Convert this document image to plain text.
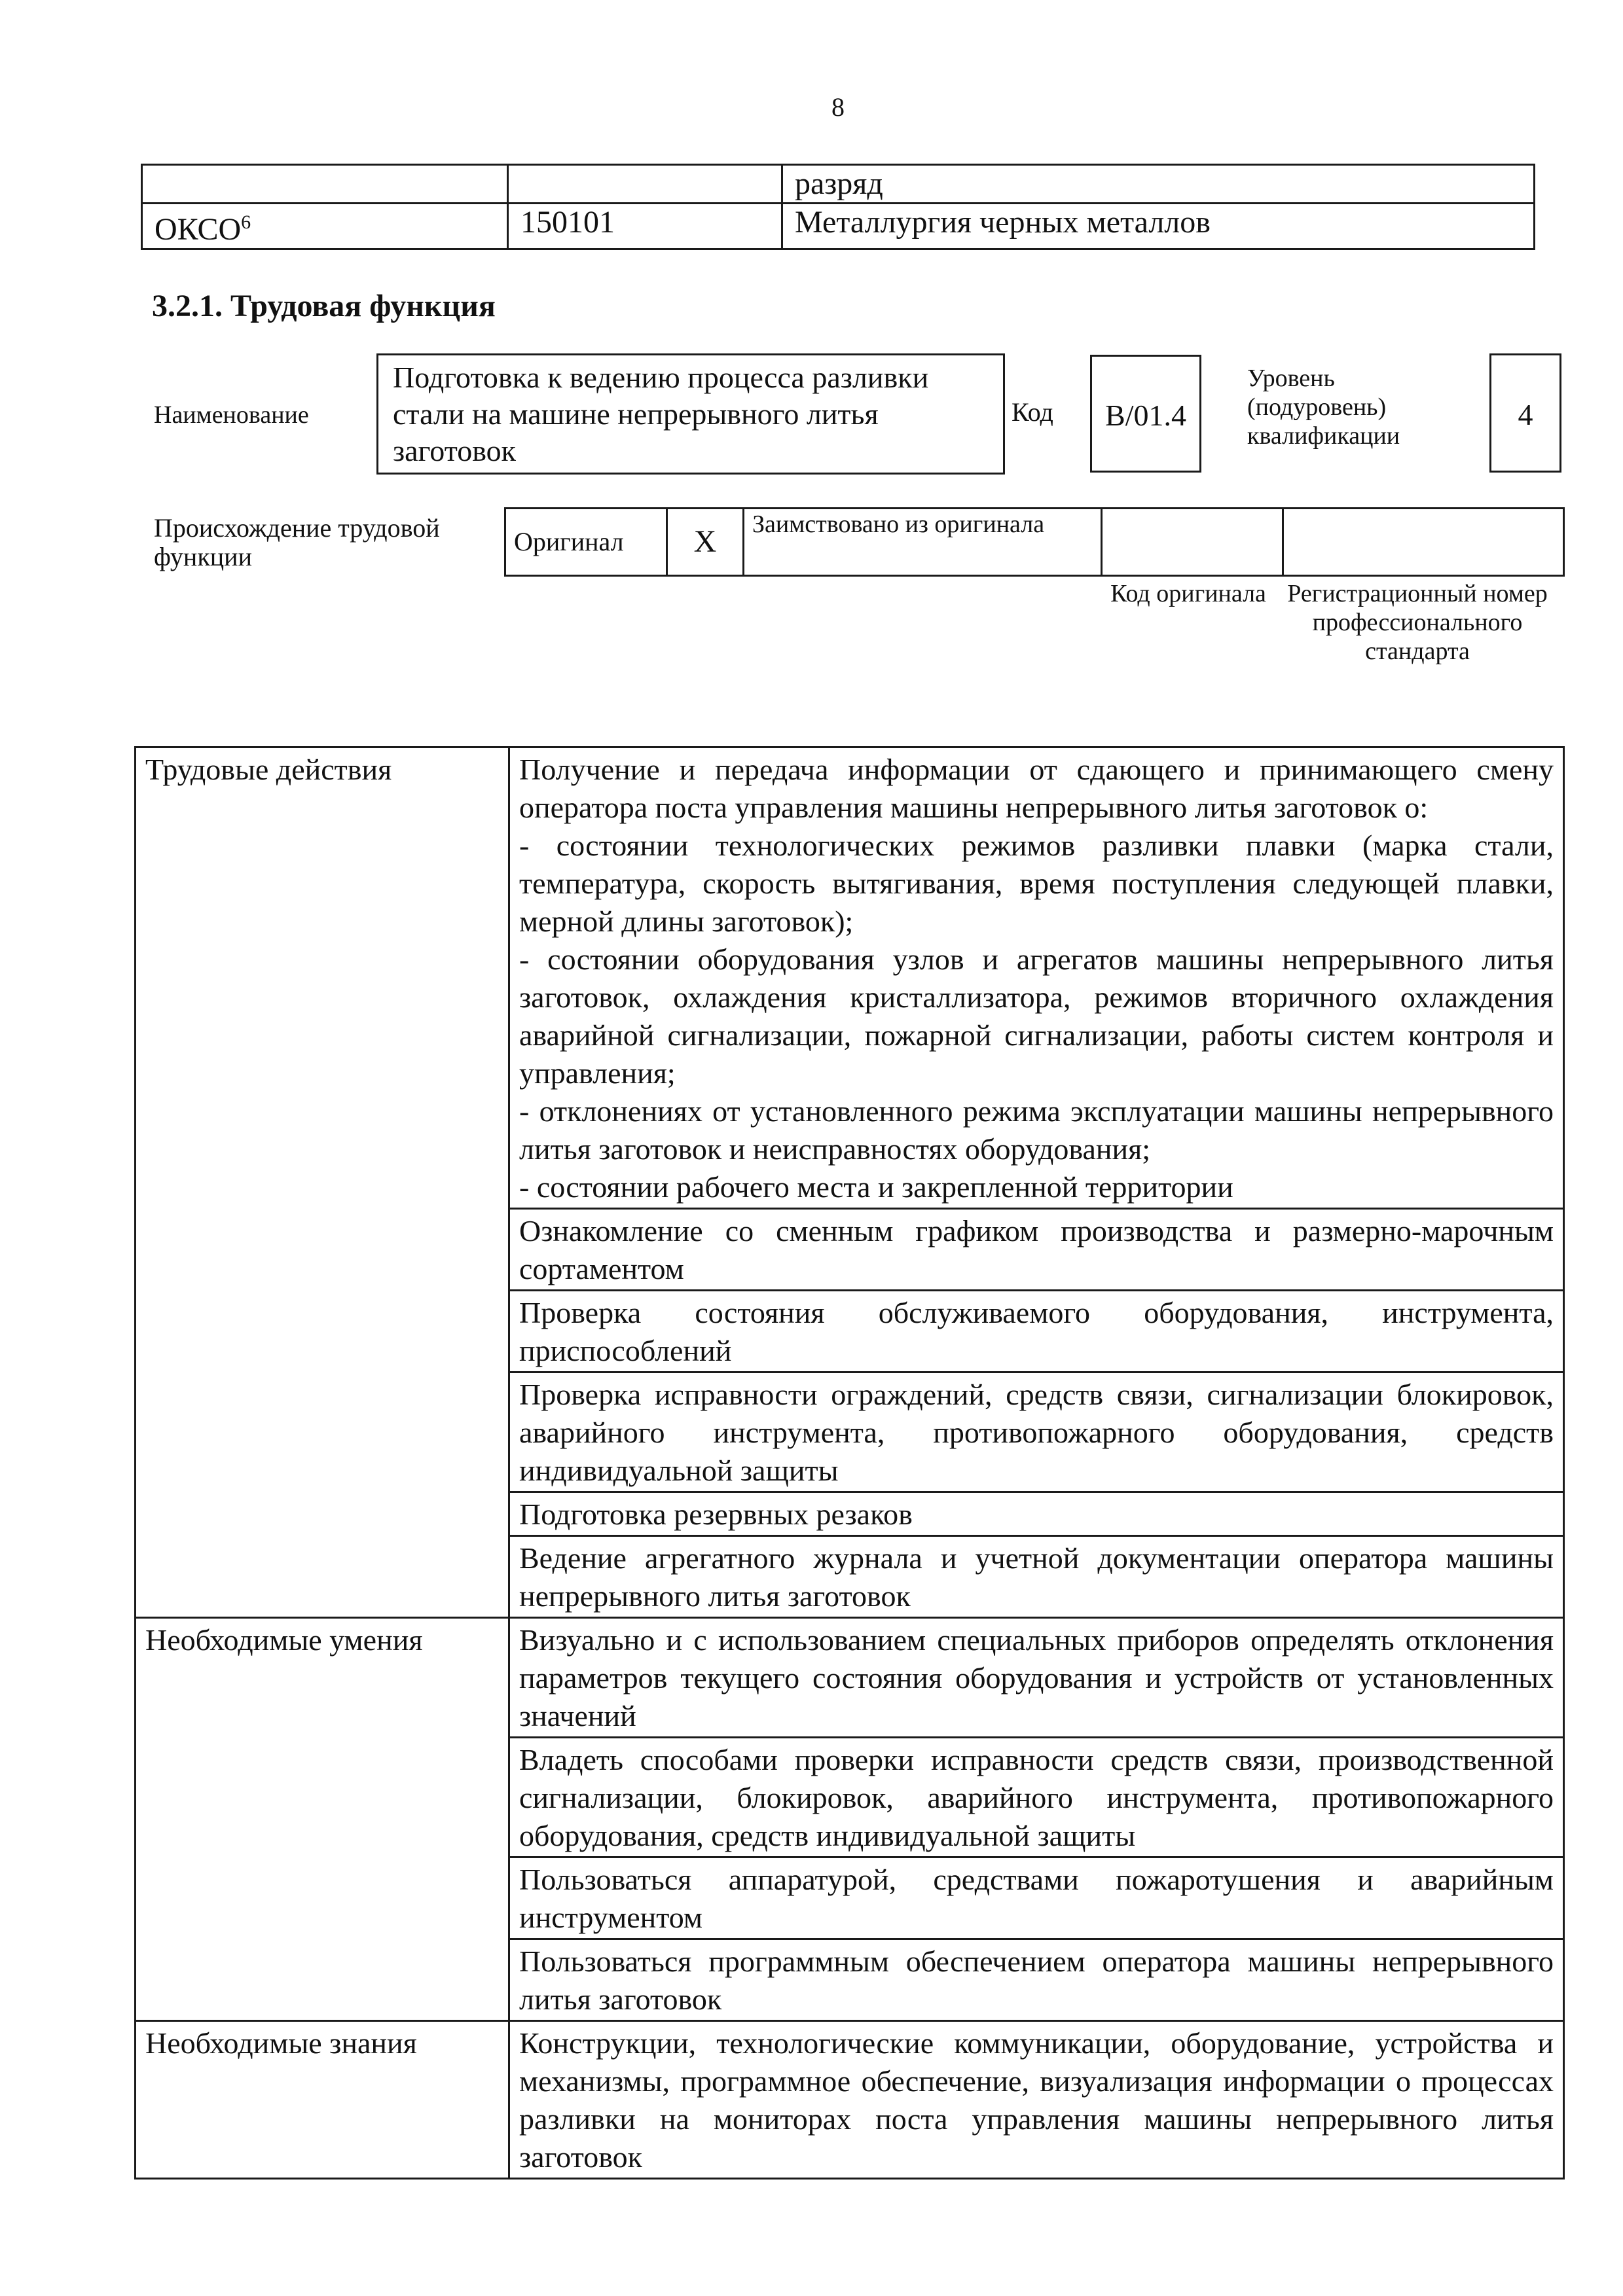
8
		разряд
ОКСО$^6$	150101	Металлургия черных металлов
3.2.1. Трудовая функция
Наименование
Подготовка к ведению процесса разливки стали на машине непрерывного литья заготовок
Код	В/01.4
Уровень (подуровень) квалификации
4
Происхождение трудовой функции
Оригинал	X	Заимствовано из оригинала		
Код оригинала Регистрационный номер профессионального стандарта
Трудовые действия	Получение и передача информации от сдающего и принимающего смену оператора поста управления машины непрерывного литья заготовок о:
- состоянии технологических режимов разливки плавки (марка стали, температура, скорость вытягивания, время поступления следующей плавки, мерной длины заготовок);
- состоянии оборудования узлов и агрегатов машины непрерывного литья заготовок, охлаждения кристаллизатора, режимов вторичного охлаждения аварийной сигнализации, пожарной сигнализации, работы систем контроля и управления;
- отклонениях от установленного режима эксплуатации машины непрерывного литья заготовок и неисправностях оборудования;
- состоянии рабочего места и закрепленной территории

	Ознакомление со сменным графиком производства и размерно-марочным сортаментом
	Проверка состояния обслуживаемого оборудования, инструмента, приспособлений
	Проверка исправности ограждений, средств связи, сигнализации блокировок, аварийного инструмента, противопожарного оборудования, средств индивидуальной защиты
	Подготовка резервных резаков
	Ведение агрегатного журнала и учетной документации оператора машины непрерывного литья заготовок
Необходимые умения	Визуально и с использованием специальных приборов определять отклонения параметров текущего состояния оборудования и устройств от установленных значений
	Владеть способами проверки исправности средств связи, производственной сигнализации, блокировок, аварийного инструмента, противопожарного оборудования, средств индивидуальной защиты
	Пользоваться аппаратурой, средствами пожаротушения и аварийным инструментом
	Пользоваться программным обеспечением оператора машины непрерывного литья заготовок
Необходимые знания	Конструкции, технологические коммуникации, оборудование, устройства и механизмы, программное обеспечение, визуализация информации о процессах разливки на мониторах поста управления машины непрерывного литья заготовок
